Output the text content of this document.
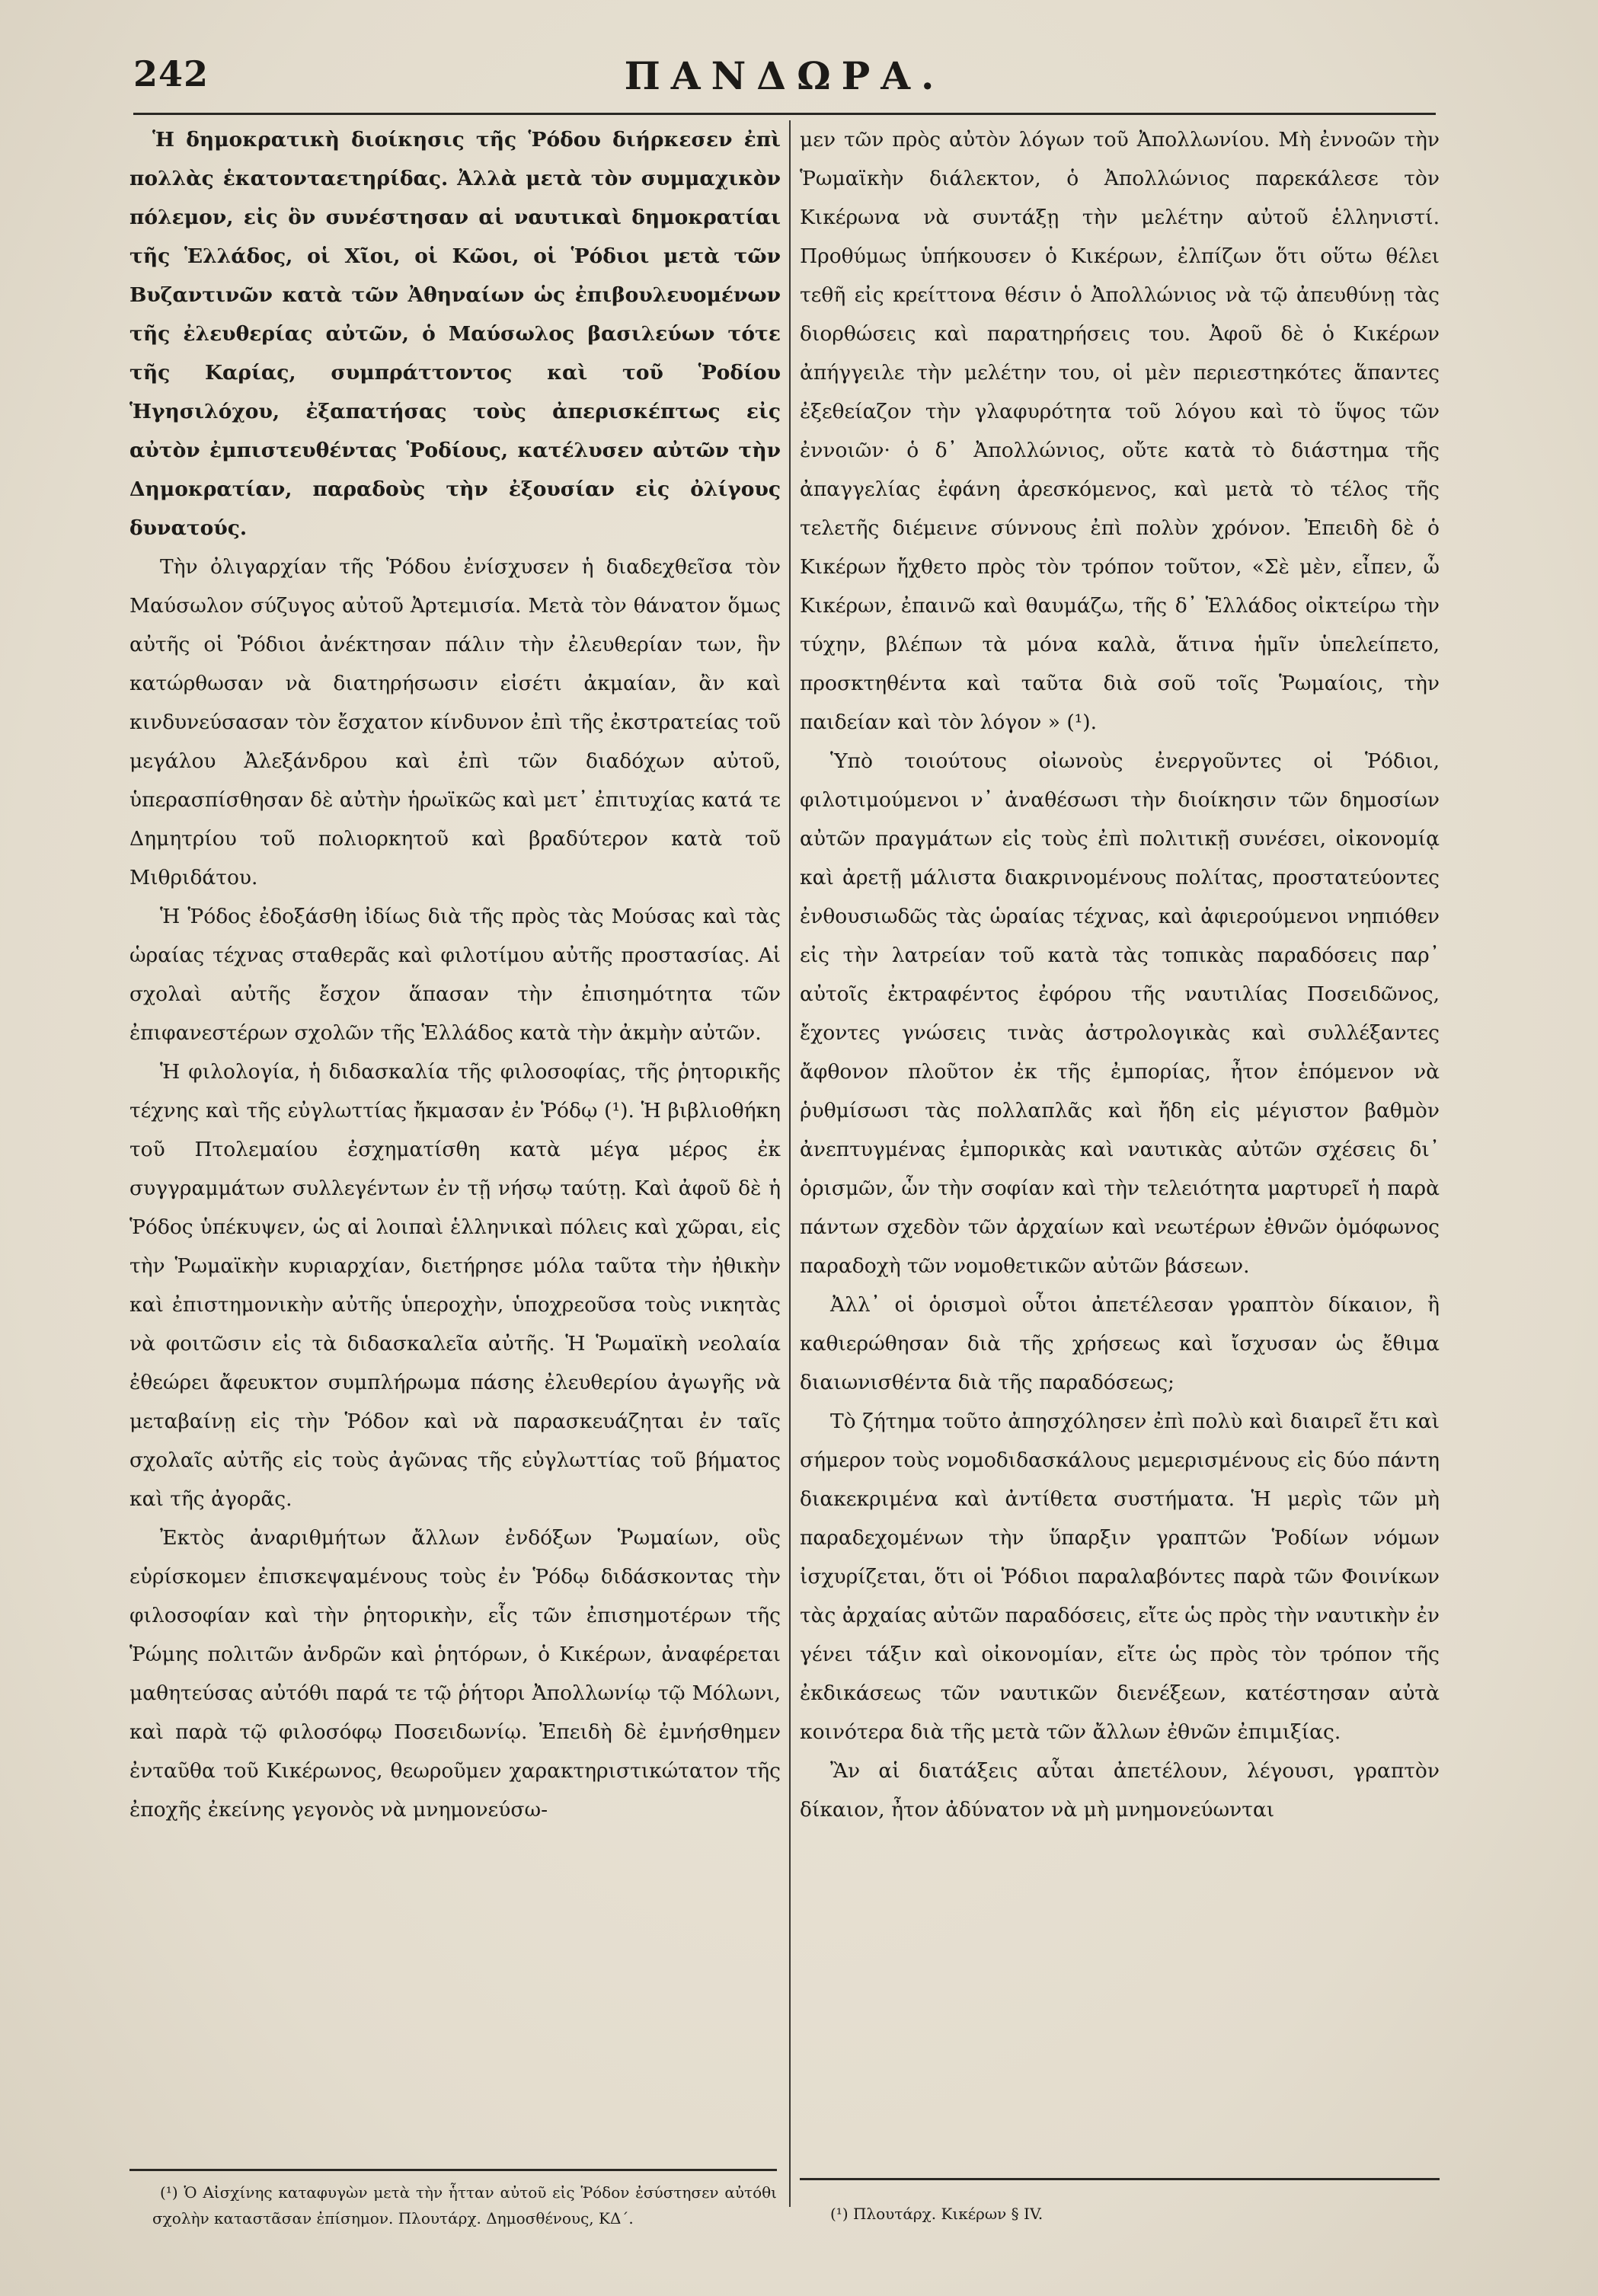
242	ΠΑΝΔΩΡΑ.

Ἡ δημοκρατικὴ διοίκησις τῆς Ῥόδου διήρκεσεν ἐπὶ πολλὰς ἑκατονταετηρίδας. Ἀλλὰ μετὰ τὸν συμμαχικὸν πόλεμον, εἰς ὃν συνέστησαν αἱ ναυτικαὶ δημοκρατίαι τῆς Ἑλλάδος, οἱ Χῖοι, οἱ Κῶοι, οἱ Ῥόδιοι μετὰ τῶν Βυζαντινῶν κατὰ τῶν Ἀθηναίων ὡς ἐπιβουλευομένων τῆς ἐλευθερίας αὐτῶν, ὁ Μαύσωλος βασιλεύων τότε τῆς Καρίας, συμπράττοντος καὶ τοῦ Ῥοδίου Ἡγησιλόχου, ἐξαπατήσας τοὺς ἀπερισκέπτως εἰς αὐτὸν ἐμπιστευθέντας Ῥοδίους, κατέλυσεν αὐτῶν τὴν Δημοκρατίαν, παραδοὺς τὴν ἐξουσίαν εἰς ὀλίγους δυνατούς.

Τὴν ὀλιγαρχίαν τῆς Ῥόδου ἐνίσχυσεν ἡ διαδεχθεῖσα τὸν Μαύσωλον σύζυγος αὐτοῦ Ἀρτεμισία. Μετὰ τὸν θάνατον ὅμως αὐτῆς οἱ Ῥόδιοι ἀνέκτησαν πάλιν τὴν ἐλευθερίαν των, ἣν κατώρθωσαν νὰ διατηρήσωσιν εἰσέτι ἀκμαίαν, ἂν καὶ κινδυνεύσασαν τὸν ἔσχατον κίνδυνον ἐπὶ τῆς ἐκστρατείας τοῦ μεγάλου Ἀλεξάνδρου καὶ ἐπὶ τῶν διαδόχων αὐτοῦ, ὑπερασπίσθησαν δὲ αὐτὴν ἡρωϊκῶς καὶ μετ᾽ ἐπιτυχίας κατά τε Δημητρίου τοῦ πολιορκητοῦ καὶ βραδύτερον κατὰ τοῦ Μιθριδάτου.

Ἡ Ῥόδος ἐδοξάσθη ἰδίως διὰ τῆς πρὸς τὰς Μούσας καὶ τὰς ὡραίας τέχνας σταθερᾶς καὶ φιλοτίμου αὐτῆς προστασίας. Αἱ σχολαὶ αὐτῆς ἔσχον ἅπασαν τὴν ἐπισημότητα τῶν ἐπιφανεστέρων σχολῶν τῆς Ἑλλάδος κατὰ τὴν ἀκμὴν αὐτῶν.

Ἡ φιλολογία, ἡ διδασκαλία τῆς φιλοσοφίας, τῆς ῥητορικῆς τέχνης καὶ τῆς εὐγλωττίας ἤκμασαν ἐν Ῥόδῳ (¹). Ἡ βιβλιοθήκη τοῦ Πτολεμαίου ἐσχηματίσθη κατὰ μέγα μέρος ἐκ συγγραμμάτων συλλεγέντων ἐν τῇ νήσῳ ταύτῃ. Καὶ ἀφοῦ δὲ ἡ Ῥόδος ὑπέκυψεν, ὡς αἱ λοιπαὶ ἑλληνικαὶ πόλεις καὶ χῶραι, εἰς τὴν Ῥωμαϊκὴν κυριαρχίαν, διετήρησε μόλα ταῦτα τὴν ἠθικὴν καὶ ἐπιστημονικὴν αὐτῆς ὑπεροχὴν, ὑποχρεοῦσα τοὺς νικητὰς νὰ φοιτῶσιν εἰς τὰ διδασκαλεῖα αὐτῆς. Ἡ Ῥωμαϊκὴ νεολαία ἐθεώρει ἄφευκτον συμπλήρωμα πάσης ἐλευθερίου ἀγωγῆς νὰ μεταβαίνῃ εἰς τὴν Ῥόδον καὶ νὰ παρασκευάζηται ἐν ταῖς σχολαῖς αὐτῆς εἰς τοὺς ἀγῶνας τῆς εὐγλωττίας τοῦ βήματος καὶ τῆς ἀγορᾶς.

Ἐκτὸς ἀναριθμήτων ἄλλων ἐνδόξων Ῥωμαίων, οὓς εὑρίσκομεν ἐπισκεψαμένους τοὺς ἐν Ῥόδῳ διδάσκοντας τὴν φιλοσοφίαν καὶ τὴν ῥητορικὴν, εἷς τῶν ἐπισημοτέρων τῆς Ῥώμης πολιτῶν ἀνδρῶν καὶ ῥητόρων, ὁ Κικέρων, ἀναφέρεται μαθητεύσας αὐτόθι παρά τε τῷ ῥήτορι Ἀπολλωνίῳ τῷ Μόλωνι, καὶ παρὰ τῷ φιλοσόφῳ Ποσειδωνίῳ. Ἐπειδὴ δὲ ἐμνήσθημεν ἐνταῦθα τοῦ Κικέρωνος, θεωροῦμεν χαρακτηριστικώτατον τῆς ἐποχῆς ἐκείνης γεγονὸς νὰ μνημονεύσω-

μεν τῶν πρὸς αὐτὸν λόγων τοῦ Ἀπολλωνίου. Μὴ ἐννοῶν τὴν Ῥωμαϊκὴν διάλεκτον, ὁ Ἀπολλώνιος παρεκάλεσε τὸν Κικέρωνα νὰ συντάξῃ τὴν μελέτην αὐτοῦ ἑλληνιστί. Προθύμως ὑπήκουσεν ὁ Κικέρων, ἐλπίζων ὅτι οὕτω θέλει τεθῆ εἰς κρείττονα θέσιν ὁ Ἀπολλώνιος νὰ τῷ ἀπευθύνῃ τὰς διορθώσεις καὶ παρατηρήσεις του. Ἀφοῦ δὲ ὁ Κικέρων ἀπήγγειλε τὴν μελέτην του, οἱ μὲν περιεστηκότες ἅπαντες ἐξεθείαζον τὴν γλαφυρότητα τοῦ λόγου καὶ τὸ ὕψος τῶν ἐννοιῶν· ὁ δ᾽ Ἀπολλώνιος, οὔτε κατὰ τὸ διάστημα τῆς ἀπαγγελίας ἐφάνη ἀρεσκόμενος, καὶ μετὰ τὸ τέλος τῆς τελετῆς διέμεινε σύννους ἐπὶ πολὺν χρόνον. Ἐπειδὴ δὲ ὁ Κικέρων ἤχθετο πρὸς τὸν τρόπον τοῦτον, «Σὲ μὲν, εἶπεν, ὦ Κικέρων, ἐπαινῶ καὶ θαυμάζω, τῆς δ᾽ Ἑλλάδος οἰκτείρω τὴν τύχην, βλέπων τὰ μόνα καλὰ, ἅτινα ἡμῖν ὑπελείπετο, προσκτηθέντα καὶ ταῦτα διὰ σοῦ τοῖς Ῥωμαίοις, τὴν παιδείαν καὶ τὸν λόγον » (¹).

Ὑπὸ τοιούτους οἰωνοὺς ἐνεργοῦντες οἱ Ῥόδιοι, φιλοτιμούμενοι ν᾽ ἀναθέσωσι τὴν διοίκησιν τῶν δημοσίων αὐτῶν πραγμάτων εἰς τοὺς ἐπὶ πολιτικῇ συνέσει, οἰκονομίᾳ καὶ ἀρετῇ μάλιστα διακρινομένους πολίτας, προστατεύοντες ἐνθουσιωδῶς τὰς ὡραίας τέχνας, καὶ ἀφιερούμενοι νηπιόθεν εἰς τὴν λατρείαν τοῦ κατὰ τὰς τοπικὰς παραδόσεις παρ᾽ αὐτοῖς ἐκτραφέντος ἐφόρου τῆς ναυτιλίας Ποσειδῶνος, ἔχοντες γνώσεις τινὰς ἀστρολογικὰς καὶ συλλέξαντες ἄφθονον πλοῦτον ἐκ τῆς ἐμπορίας, ἦτον ἑπόμενον νὰ ῥυθμίσωσι τὰς πολλαπλᾶς καὶ ἤδη εἰς μέγιστον βαθμὸν ἀνεπτυγμένας ἐμπορικὰς καὶ ναυτικὰς αὐτῶν σχέσεις δι᾽ ὁρισμῶν, ὧν τὴν σοφίαν καὶ τὴν τελειότητα μαρτυρεῖ ἡ παρὰ πάντων σχεδὸν τῶν ἀρχαίων καὶ νεωτέρων ἐθνῶν ὁμόφωνος παραδοχὴ τῶν νομοθετικῶν αὐτῶν βάσεων.

Ἀλλ᾽ οἱ ὁρισμοὶ οὗτοι ἀπετέλεσαν γραπτὸν δίκαιον, ἢ καθιερώθησαν διὰ τῆς χρήσεως καὶ ἴσχυσαν ὡς ἔθιμα διαιωνισθέντα διὰ τῆς παραδόσεως;

Τὸ ζήτημα τοῦτο ἀπησχόλησεν ἐπὶ πολὺ καὶ διαιρεῖ ἔτι καὶ σήμερον τοὺς νομοδιδασκάλους μεμερισμένους εἰς δύο πάντη διακεκριμένα καὶ ἀντίθετα συστήματα. Ἡ μερὶς τῶν μὴ παραδεχομένων τὴν ὕπαρξιν γραπτῶν Ῥοδίων νόμων ἰσχυρίζεται, ὅτι οἱ Ῥόδιοι παραλαβόντες παρὰ τῶν Φοινίκων τὰς ἀρχαίας αὐτῶν παραδόσεις, εἴτε ὡς πρὸς τὴν ναυτικὴν ἐν γένει τάξιν καὶ οἰκονομίαν, εἴτε ὡς πρὸς τὸν τρόπον τῆς ἐκδικάσεως τῶν ναυτικῶν διενέξεων, κατέστησαν αὐτὰ κοινότερα διὰ τῆς μετὰ τῶν ἄλλων ἐθνῶν ἐπιμιξίας.

Ἂν αἱ διατάξεις αὗται ἀπετέλουν, λέγουσι, γραπτὸν δίκαιον, ἦτον ἀδύνατον νὰ μὴ μνημονεύωνται

(¹) Ὁ Αἰσχίνης καταφυγὼν μετὰ τὴν ἧτταν αὐτοῦ εἰς Ῥόδον ἐσύστησεν αὐτόθι σχολὴν καταστᾶσαν ἐπίσημον. Πλουτάρχ. Δημοσθένους, ΚΔ΄.	(¹) Πλουτάρχ. Κικέρων § IV.
